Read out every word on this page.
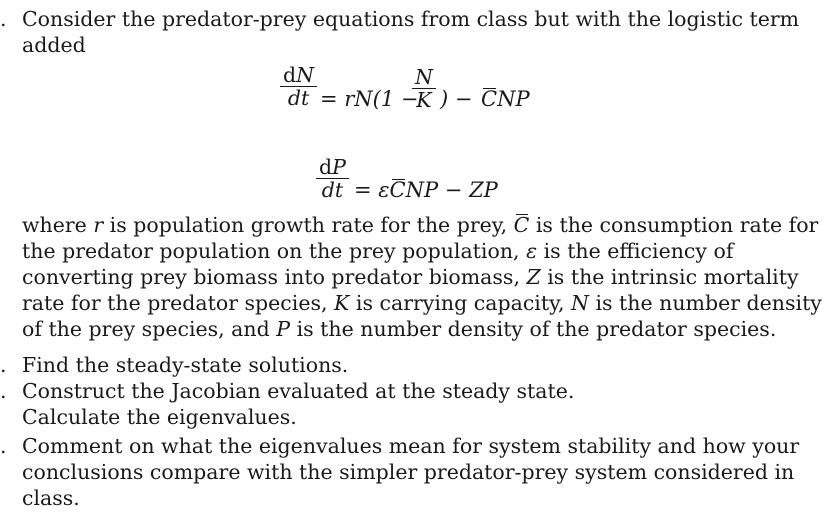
. Consider the predator-prey equations from class but with the logistic term
added
dN
dt = rN(1 −
N
K ) − CNP
dP
dt = εCNP − ZP
where r is population growth rate for the prey, C is the consumption rate for
the predator population on the prey population, ε is the efficiency of
converting prey biomass into predator biomass, Z is the intrinsic mortality
rate for the predator species, K is carrying capacity, N is the number density
of the prey species, and P is the number density of the predator species.
. Find the steady-state solutions.
. Construct the Jacobian evaluated at the steady state.
Calculate the eigenvalues.
. Comment on what the eigenvalues mean for system stability and how your
conclusions compare with the simpler predator-prey system considered in
class.
